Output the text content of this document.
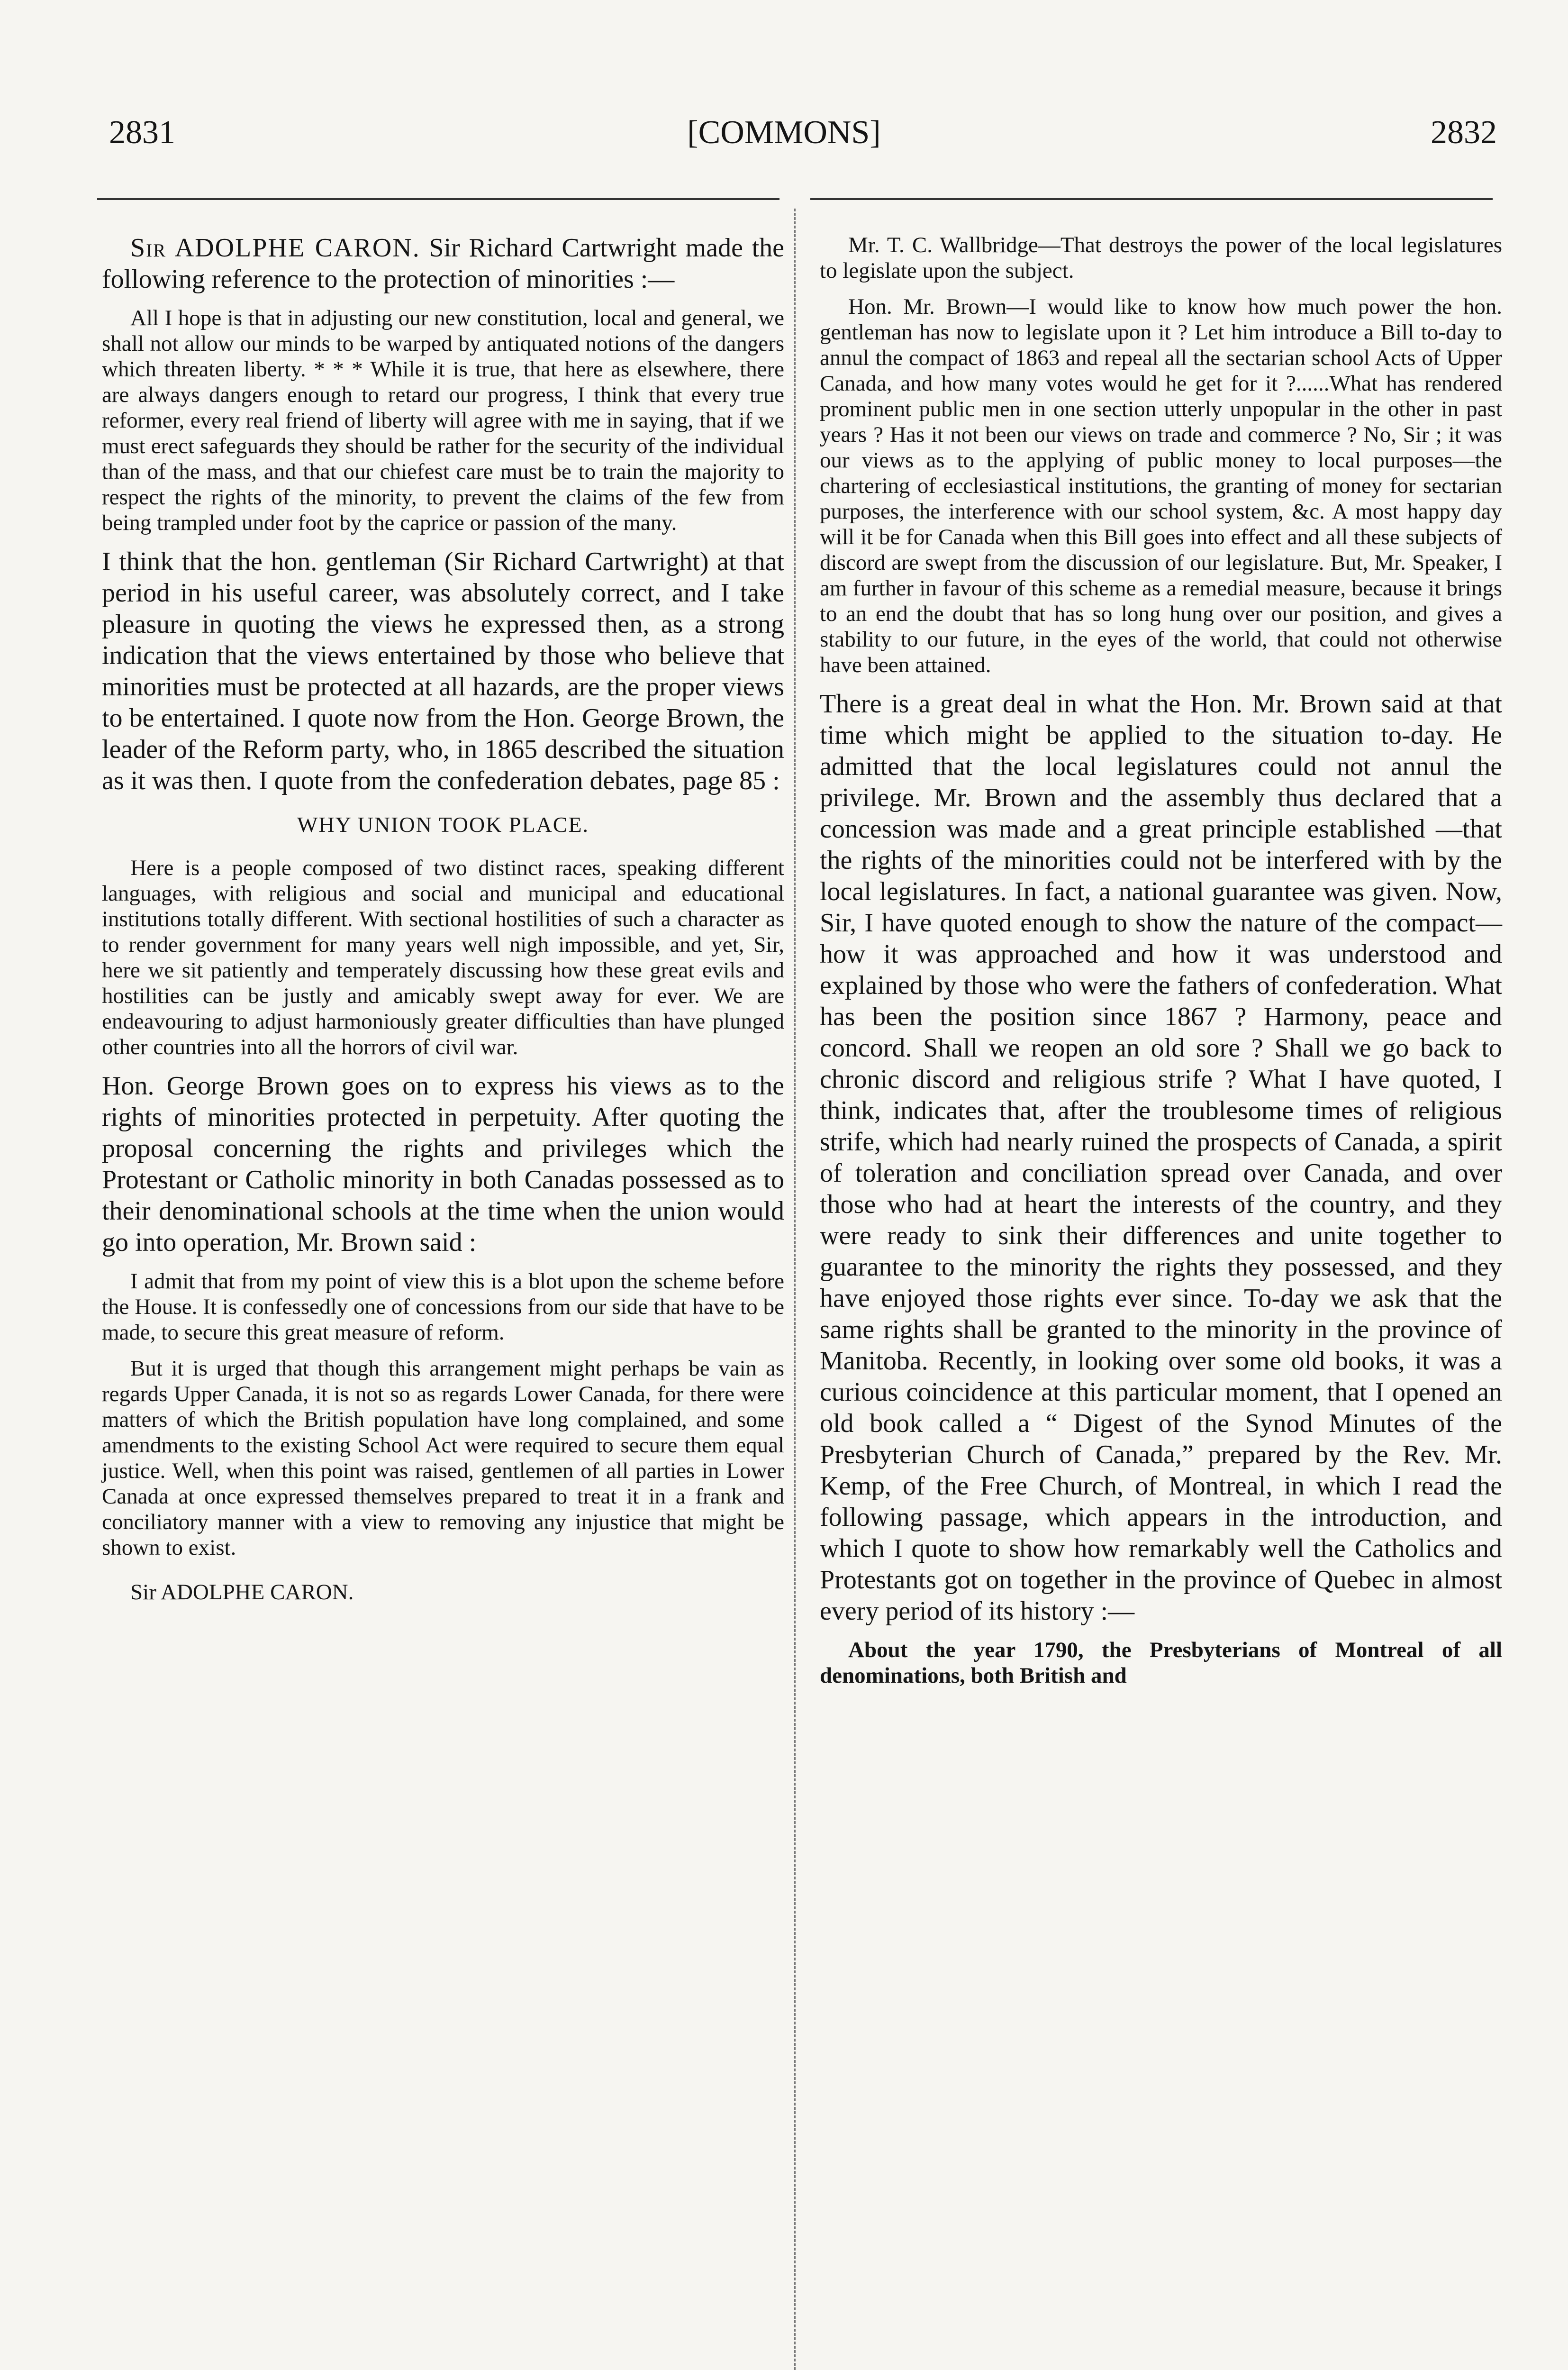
2831	[COMMONS]	2832

Sir ADOLPHE CARON. Sir Richard Cartwright made the following reference to the protection of minorities :—

All I hope is that in adjusting our new constitution, local and general, we shall not allow our minds to be warped by antiquated notions of the dangers which threaten liberty. * * * While it is true, that here as elsewhere, there are always dangers enough to retard our progress, I think that every true reformer, every real friend of liberty will agree with me in saying, that if we must erect safeguards they should be rather for the security of the individual than of the mass, and that our chiefest care must be to train the majority to respect the rights of the minority, to prevent the claims of the few from being trampled under foot by the caprice or passion of the many.

I think that the hon. gentleman (Sir Richard Cartwright) at that period in his useful career, was absolutely correct, and I take pleasure in quoting the views he expressed then, as a strong indication that the views entertained by those who believe that minorities must be protected at all hazards, are the proper views to be entertained. I quote now from the Hon. George Brown, the leader of the Reform party, who, in 1865 described the situation as it was then. I quote from the confederation debates, page 85 :

WHY UNION TOOK PLACE.

Here is a people composed of two distinct races, speaking different languages, with religious and social and municipal and educational institutions totally different. With sectional hostilities of such a character as to render government for many years well nigh impossible, and yet, Sir, here we sit patiently and temperately discussing how these great evils and hostilities can be justly and amicably swept away for ever. We are endeavouring to adjust harmoniously greater difficulties than have plunged other countries into all the horrors of civil war.

Hon. George Brown goes on to express his views as to the rights of minorities protected in perpetuity. After quoting the proposal concerning the rights and privileges which the Protestant or Catholic minority in both Canadas possessed as to their denominational schools at the time when the union would go into operation, Mr. Brown said :

I admit that from my point of view this is a blot upon the scheme before the House. It is confessedly one of concessions from our side that have to be made, to secure this great measure of reform.

But it is urged that though this arrangement might perhaps be vain as regards Upper Canada, it is not so as regards Lower Canada, for there were matters of which the British population have long complained, and some amendments to the existing School Act were required to secure them equal justice. Well, when this point was raised, gentlemen of all parties in Lower Canada at once expressed themselves prepared to treat it in a frank and conciliatory manner with a view to removing any injustice that might be shown to exist.

Sir ADOLPHE CARON.

Mr. T. C. Wallbridge—That destroys the power of the local legislatures to legislate upon the subject.

Hon. Mr. Brown—I would like to know how much power the hon. gentleman has now to legislate upon it ? Let him introduce a Bill to-day to annul the compact of 1863 and repeal all the sectarian school Acts of Upper Canada, and how many votes would he get for it ?......What has rendered prominent public men in one section utterly unpopular in the other in past years ? Has it not been our views on trade and commerce ? No, Sir ; it was our views as to the applying of public money to local purposes—the chartering of ecclesiastical institutions, the granting of money for sectarian purposes, the interference with our school system, &c. A most happy day will it be for Canada when this Bill goes into effect and all these subjects of discord are swept from the discussion of our legislature. But, Mr. Speaker, I am further in favour of this scheme as a remedial measure, because it brings to an end the doubt that has so long hung over our position, and gives a stability to our future, in the eyes of the world, that could not otherwise have been attained.

There is a great deal in what the Hon. Mr. Brown said at that time which might be applied to the situation to-day. He admitted that the local legislatures could not annul the privilege. Mr. Brown and the assembly thus declared that a concession was made and a great principle established —that the rights of the minorities could not be interfered with by the local legislatures. In fact, a national guarantee was given. Now, Sir, I have quoted enough to show the nature of the compact—how it was approached and how it was understood and explained by those who were the fathers of confederation. What has been the position since 1867 ? Harmony, peace and concord. Shall we reopen an old sore ? Shall we go back to chronic discord and religious strife ? What I have quoted, I think, indicates that, after the troublesome times of religious strife, which had nearly ruined the prospects of Canada, a spirit of toleration and conciliation spread over Canada, and over those who had at heart the interests of the country, and they were ready to sink their differences and unite together to guarantee to the minority the rights they possessed, and they have enjoyed those rights ever since. To-day we ask that the same rights shall be granted to the minority in the province of Manitoba. Recently, in looking over some old books, it was a curious coincidence at this particular moment, that I opened an old book called a “ Digest of the Synod Minutes of the Presbyterian Church of Canada,” prepared by the Rev. Mr. Kemp, of the Free Church, of Montreal, in which I read the following passage, which appears in the introduction, and which I quote to show how remarkably well the Catholics and Protestants got on together in the province of Quebec in almost every period of its history :—

About the year 1790, the Presbyterians of Montreal of all denominations, both British and
